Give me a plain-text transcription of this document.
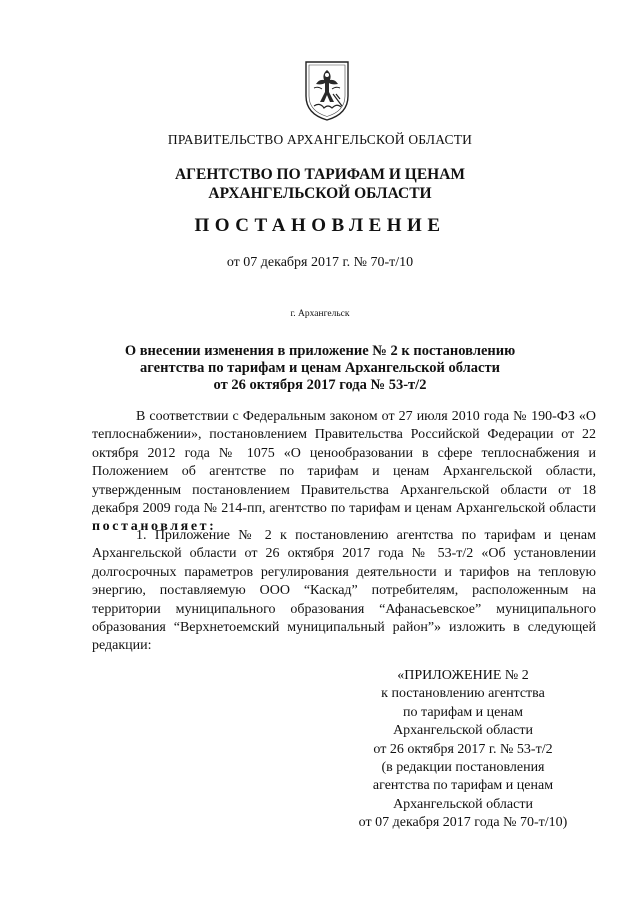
ПРАВИТЕЛЬСТВО АРХАНГЕЛЬСКОЙ ОБЛАСТИ
АГЕНТСТВО ПО ТАРИФАМ И ЦЕНАМ
АРХАНГЕЛЬСКОЙ ОБЛАСТИ
ПОСТАНОВЛЕНИЕ
от 07 декабря 2017 г. № 70-т/10
г. Архангельск
О внесении изменения в приложение № 2 к постановлению
агентства по тарифам и ценам Архангельской области
от 26 октября 2017 года № 53-т/2
В соответствии с Федеральным законом от 27 июля 2010 года № 190-ФЗ «О теплоснабжении», постановлением Правительства Российской Федерации от 22 октября 2012 года № 1075 «О ценообразовании в сфере теплоснабжения и Положением об агентстве по тарифам и ценам Архангельской области, утвержденным постановлением Правительства Архангельской области от 18 декабря 2009 года № 214-пп, агентство по тарифам и ценам Архангельской области постановляет:
1. Приложение № 2 к постановлению агентства по тарифам и ценам Архангельской области от 26 октября 2017 года № 53-т/2 «Об установлении долгосрочных параметров регулирования деятельности и тарифов на тепловую энергию, поставляемую ООО “Каскад” потребителям, расположенным на территории муниципального образования “Афанасьевское” муниципального образования “Верхнетоемский муниципальный район”» изложить в следующей редакции:
«ПРИЛОЖЕНИЕ № 2
к постановлению агентства
по тарифам и ценам
Архангельской области
от 26 октября 2017 г. № 53-т/2
(в редакции постановления
агентства по тарифам и ценам
Архангельской области
от 07 декабря 2017 года № 70-т/10)
